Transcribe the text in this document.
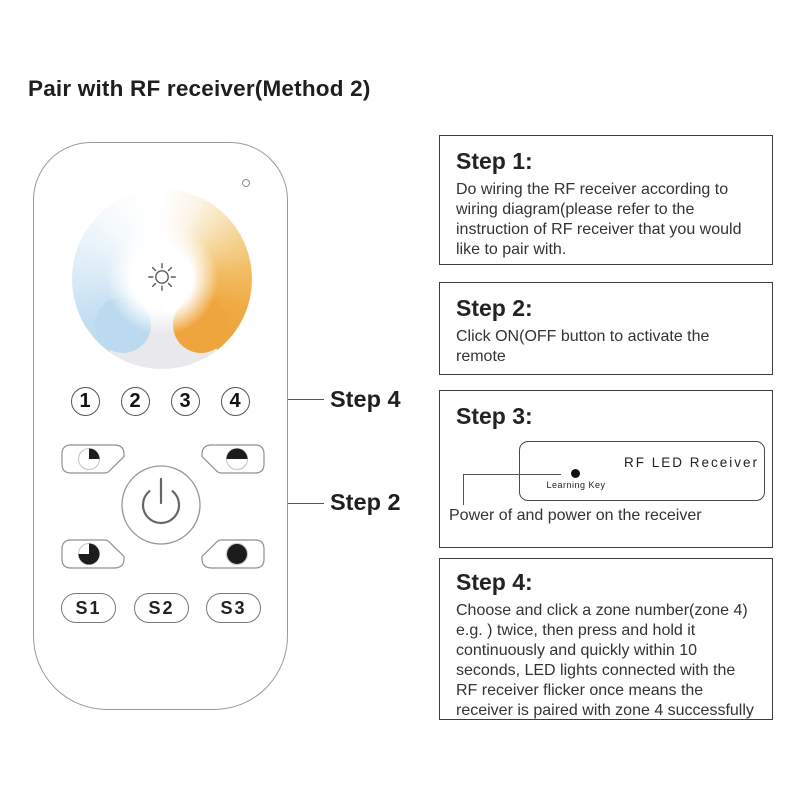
Pair with RF receiver(Method 2)
Step 4
Step 2
1 2 3 4
S1	S2	S3
Step 1:
Do wiring the RF receiver according to wiring diagram(please refer to the instruction of RF receiver that you would like to pair with.
Step 2:
Click ON(OFF button to activate the remote
Step 3:
RF LED Receiver
Learning Key
Power of and power on the receiver
Step 4:
Choose and click a zone number(zone 4) e.g. ) twice, then press and hold it continuously and quickly within 10 seconds, LED lights connected with the RF receiver flicker once means the receiver is paired with zone 4 successfully
